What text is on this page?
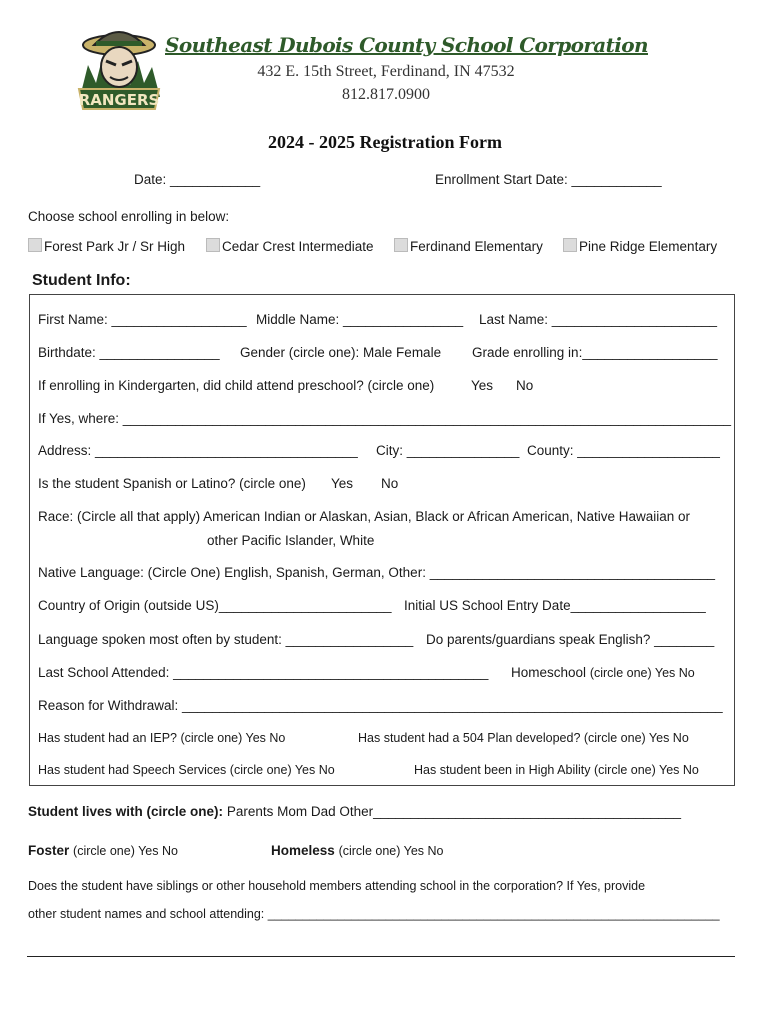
RANGERS
Southeast Dubois County School Corporation
432 E. 15th Street, Ferdinand, IN 47532
812.817.0900
2024 - 2025 Registration Form
Date: ____________	Enrollment Start Date: ____________
Choose school enrolling in below:
Forest Park Jr / Sr High	Cedar Crest Intermediate	Ferdinand Elementary	Pine Ridge Elementary
Student Info:
First Name: __________________ Middle Name: ________________ Last Name: ______________________
Birthdate: ________________ Gender (circle one): Male Female Grade enrolling in:__________________
If enrolling in Kindergarten, did child attend preschool? (circle one)	Yes No
If Yes, where: _________________________________________________________________________________
Address: ___________________________________ City: _______________ County: ___________________
Is the student Spanish or Latino? (circle one) Yes No
Race: (Circle all that apply) American Indian or Alaskan, Asian, Black or African American, Native Hawaiian or
other Pacific Islander, White
Native Language: (Circle One) English, Spanish, German, Other: ______________________________________
Country of Origin (outside US)_______________________ Initial US School Entry Date__________________
Language spoken most often by student: _________________ Do parents/guardians speak English? ________
Last School Attended: __________________________________________ Homeschool (circle one) Yes No
Reason for Withdrawal: ________________________________________________________________________
Has student had an IEP? (circle one) Yes No	Has student had a 504 Plan developed? (circle one) Yes No
Has student had Speech Services (circle one) Yes No	Has student been in High Ability (circle one) Yes No
Student lives with (circle one): Parents Mom Dad Other_________________________________________
Foster (circle one) Yes No	Homeless (circle one) Yes No
Does the student have siblings or other household members attending school in the corporation? If Yes, provide
other student names and school attending: _________________________________________________________________
